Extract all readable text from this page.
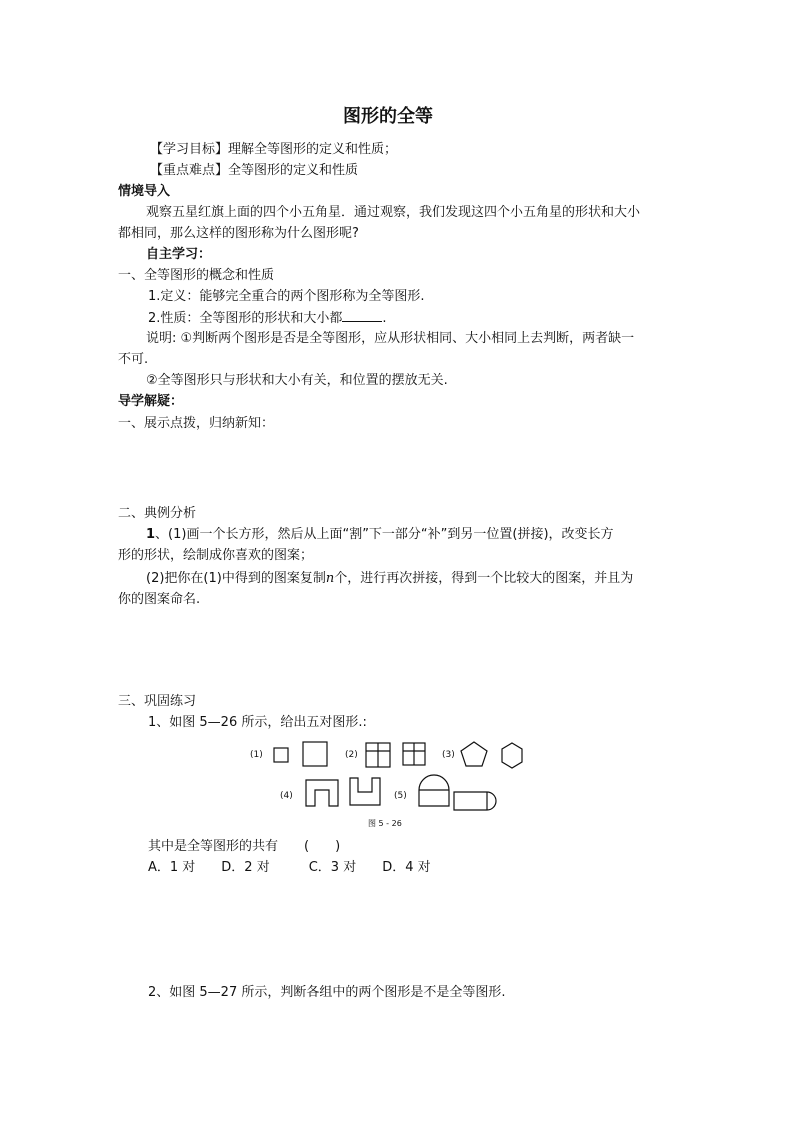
图形的全等
【学习目标】理解全等图形的定义和性质；
【重点难点】全等图形的定义和性质
情境导入
观察五星红旗上面的四个小五角星．通过观察，我们发现这四个小五角星的形状和大小
都相同，那么这样的图形称为什么图形呢?
自主学习：
一、全等图形的概念和性质
1.定义：能够完全重合的两个图形称为全等图形.
2.性质：全等图形的形状和大小都	.
说明: ①判断两个图形是否是全等图形，应从形状相同、大小相同上去判断，两者缺一
不可.
②全等图形只与形状和大小有关，和位置的摆放无关.
导学解疑：
一、展示点拨，归纳新知：
二、典例分析
1、(1)画一个长方形，然后从上面“割”下一部分“补”到另一位置(拼接)，改变长方
形的形状，绘制成你喜欢的图案；
(2)把你在(1)中得到的图案复制n个，进行再次拼接，得到一个比较大的图案，并且为
你的图案命名.
三、巩固练习
1、如图 5—26 所示，给出五对图形.:
(1)	(2)	(3)
(4)	(5)
图 5 - 26
其中是全等图形的共有　　(　　)
A．1 对　　D．2 对　　　C．3 对　　D．4 对
2、如图 5—27 所示，判断各组中的两个图形是不是全等图形.
